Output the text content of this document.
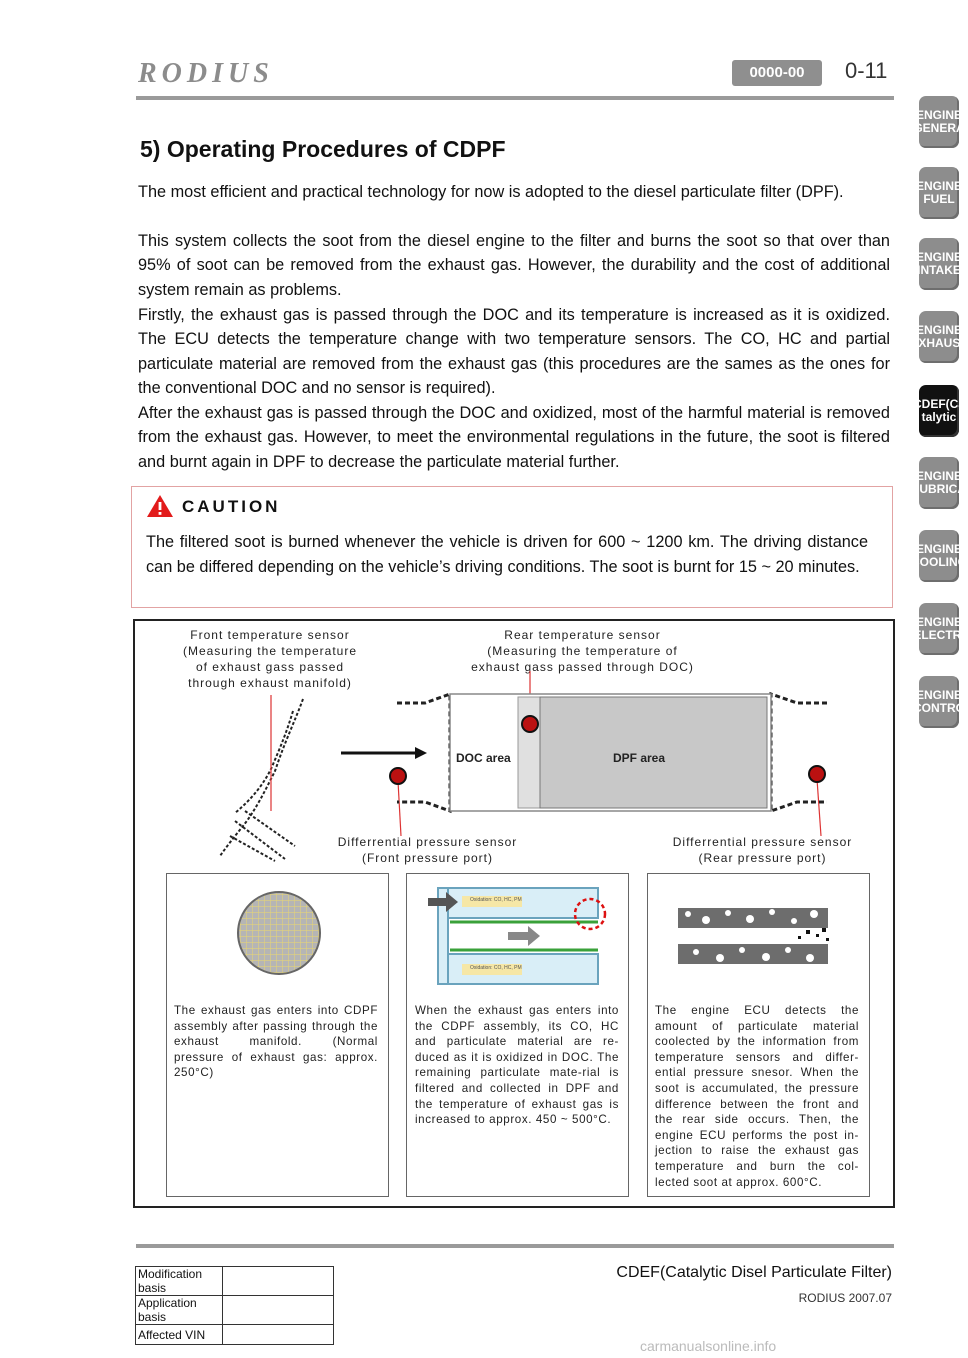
RODIUS	0000-00	0-11
ENGINE GENERA
ENGINE FUEL
ENGINE INTAKE
ENGINE EXHAUST
CDEF(Ca talytic
ENGINE LUBRICA
ENGINE COOLING
ENGINE ELECTRI
ENGINE CONTRO
5) Operating Procedures of CDPF
The most efficient and practical technology for now is adopted to the diesel particulate filter (DPF).
This system collects the soot from the diesel engine to the filter and burns the soot so that over than 95% of soot can be removed from the exhaust gas. However, the durability and the cost of additional system remain as problems.
Firstly, the exhaust gas is passed through the DOC and its temperature is increased as it is oxidized. The ECU detects the temperature change with two temperature sensors. The CO, HC and partial particulate material are removed from the exhaust gas (this procedures are the sames as the ones for the conventional DOC and no sensor is required).
After the exhaust gas is passed through the DOC and oxidized, most of the harmful material is removed from the exhaust gas. However, to meet the environmental regulations in the future, the soot is filtered and burnt again in DPF to decrease the particulate material further.
CAUTION
The filtered soot is burned whenever the vehicle is driven for 600 ~ 1200 km. The driving distance can be differed depending on the vehicle’s driving conditions. The soot is burnt for 15 ~ 20 minutes.
Front temperature sensor
(Measuring the temperature
of exhaust gass passed
through exhaust manifold)
Rear temperature sensor
(Measuring the temperature of
exhaust gass passed through DOC)
DOC area	DPF area
Differrential pressure sensor
(Front pressure port)
Differrential pressure sensor
(Rear pressure port)
Oxidation: CO, HC, PM
Oxidation: CO, HC, PM
The exhaust gas enters into CDPF assembly after passing through the exhaust manifold. (Normal pressure of exhaust gas: approx. 250°C)
When the exhaust gas enters into the CDPF assembly, its CO, HC and particulate material are re-duced as it is oxidized in DOC. The remaining particulate mate-rial is filtered and collected in DPF and the temperature of exhaust gas is increased to approx. 450 ~ 500°C.
The engine ECU detects the amount of particulate material coolected by the information from temperature sensors and differ-ential pressure snesor. When the soot is accumulated, the pressure difference between the front and the rear side occurs. Then, the engine ECU performs the post in-jection to raise the exhaust gas temperature and burn the col-lected soot at approx. 600°C.
CDEF(Catalytic Disel Particulate Filter)
RODIUS 2007.07
Modification basis	
Application basis	
Affected VIN	
carmanualsonline.info
